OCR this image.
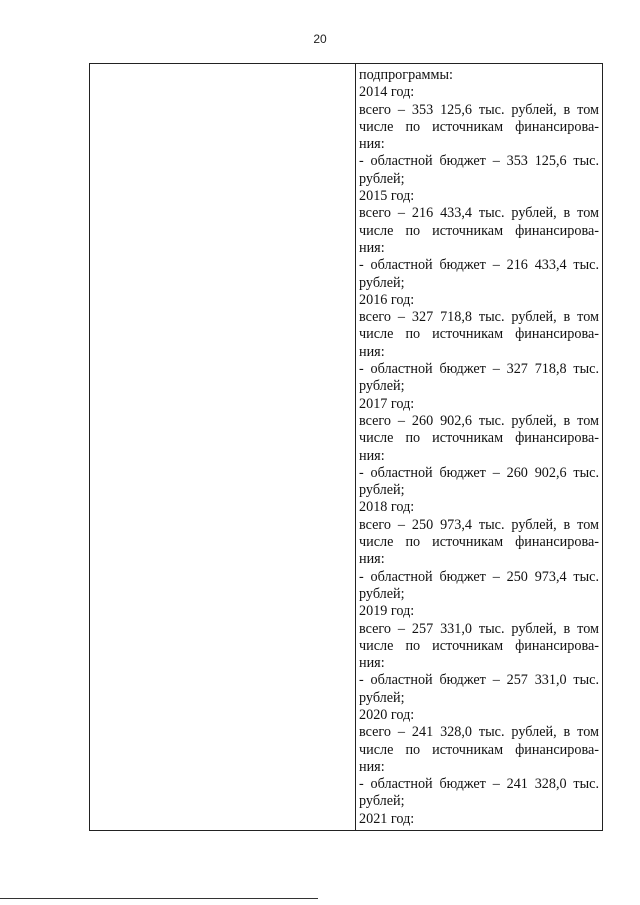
20
подпрограммы:
2014 год:
всего – 353 125,6 тыс. рублей, в том
числе по источникам финансирова-
ния:
- областной бюджет – 353 125,6 тыс.
рублей;
2015 год:
всего – 216 433,4 тыс. рублей, в том
числе по источникам финансирова-
ния:
- областной бюджет – 216 433,4 тыс.
рублей;
2016 год:
всего – 327 718,8 тыс. рублей, в том
числе по источникам финансирова-
ния:
- областной бюджет – 327 718,8 тыс.
рублей;
2017 год:
всего – 260 902,6 тыс. рублей, в том
числе по источникам финансирова-
ния:
- областной бюджет – 260 902,6 тыс.
рублей;
2018 год:
всего – 250 973,4 тыс. рублей, в том
числе по источникам финансирова-
ния:
- областной бюджет – 250 973,4 тыс.
рублей;
2019 год:
всего – 257 331,0 тыс. рублей, в том
числе по источникам финансирова-
ния:
- областной бюджет – 257 331,0 тыс.
рублей;
2020 год:
всего – 241 328,0 тыс. рублей, в том
числе по источникам финансирова-
ния:
- областной бюджет – 241 328,0 тыс.
рублей;
2021 год:
